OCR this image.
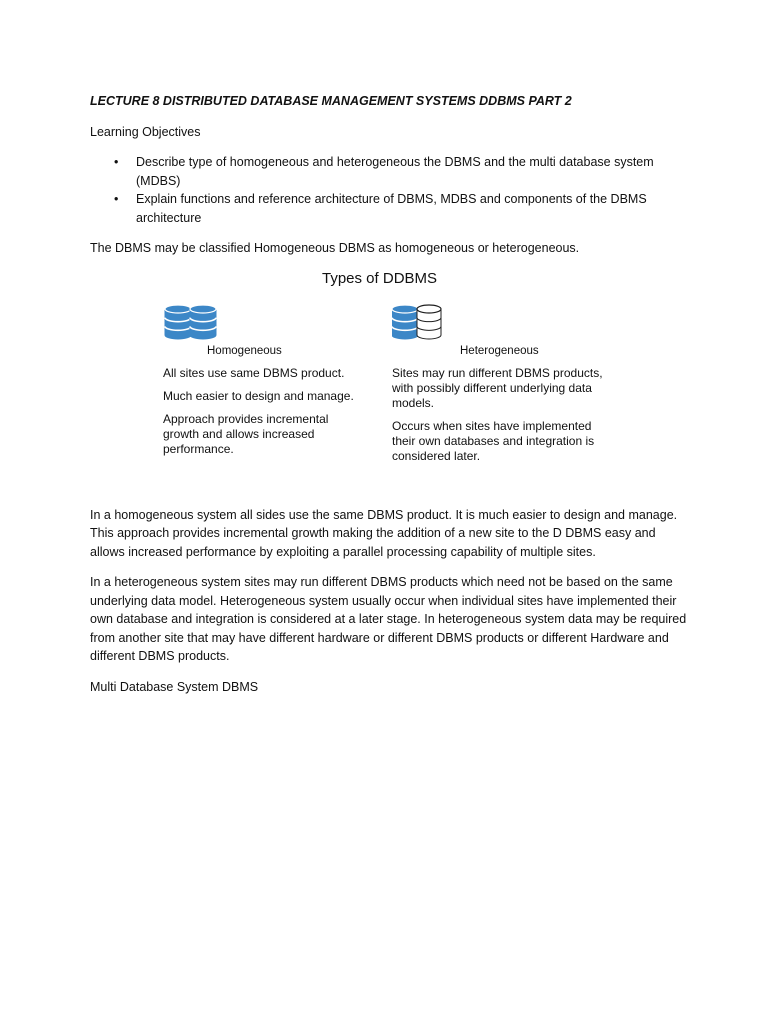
LECTURE 8 DISTRIBUTED DATABASE MANAGEMENT SYSTEMS DDBMS PART 2

Learning Objectives

• Describe type of homogeneous and heterogeneous the DBMS and the multi database system (MDBS)
• Explain functions and reference architecture of DBMS, MDBS and components of the DBMS architecture

The DBMS may be classified Homogeneous DBMS as homogeneous or heterogeneous.

Types of DDBMS
Homogeneous
All sites use same DBMS product.
Much easier to design and manage.
Approach provides incremental growth and allows increased performance.
Heterogeneous
Sites may run different DBMS products, with possibly different underlying data models.
Occurs when sites have implemented their own databases and integration is considered later.

In a homogeneous system all sides use the same DBMS product. It is much easier to design and manage. This approach provides incremental growth making the addition of a new site to the D DBMS easy and allows increased performance by exploiting a parallel processing capability of multiple sites.

In a heterogeneous system sites may run different DBMS products which need not be based on the same underlying data model. Heterogeneous system usually occur when individual sites have implemented their own database and integration is considered at a later stage. In heterogeneous system data may be required from another site that may have different hardware or different DBMS products or different Hardware and different DBMS products.

Multi Database System DBMS
